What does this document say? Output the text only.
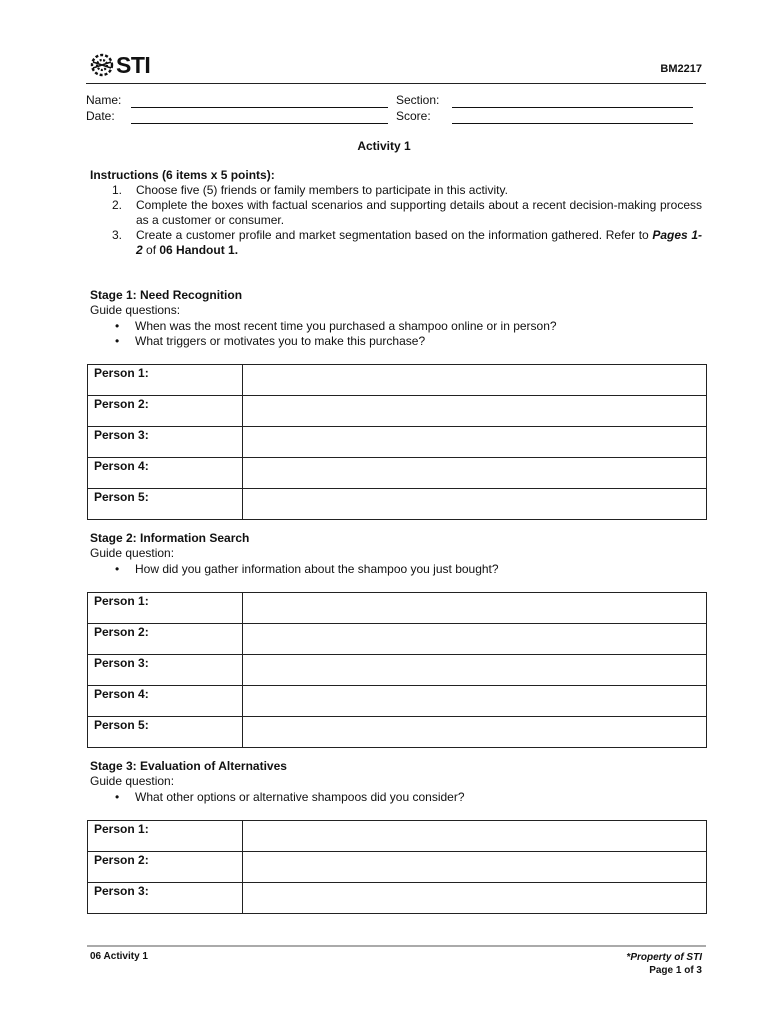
STI	BM2217
Name:
Date:
Section:
Score:
Activity 1
Instructions (6 items x 5 points):
1.	Choose five (5) friends or family members to participate in this activity.
2.	Complete the boxes with factual scenarios and supporting details about a recent decision-making process as a customer or consumer.
3.	Create a customer profile and market segmentation based on the information gathered. Refer to Pages 1-2 of 06 Handout 1.
Stage 1: Need Recognition
Guide questions:
•	When was the most recent time you purchased a shampoo online or in person?
•	What triggers or motivates you to make this purchase?
Person 1:	
Person 2:	
Person 3:	
Person 4:	
Person 5:	
Stage 2: Information Search
Guide question:
•	How did you gather information about the shampoo you just bought?
Person 1:	
Person 2:	
Person 3:	
Person 4:	
Person 5:	
Stage 3: Evaluation of Alternatives
Guide question:
•	What other options or alternative shampoos did you consider?
Person 1:	
Person 2:	
Person 3:	
06 Activity 1	*Property of STI
Page 1 of 3
